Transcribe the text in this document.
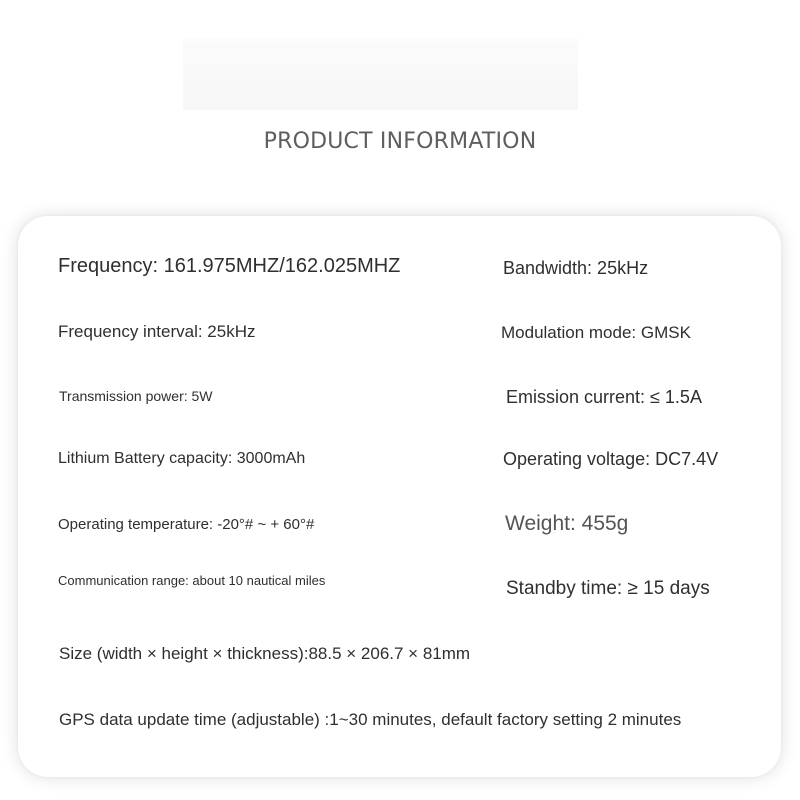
PRODUCT INFORMATION
Frequency: 161.975MHZ/162.025MHZ	Bandwidth: 25kHz
Frequency interval: 25kHz	Modulation mode: GMSK
Transmission power: 5W	Emission current: ≤ 1.5A
Lithium Battery capacity: 3000mAh	Operating voltage: DC7.4V
Operating temperature: -20°# ~ + 60°#	Weight: 455g
Communication range: about 10 nautical miles	Standby time: ≥ 15 days
Size (width × height × thickness):88.5 × 206.7 × 81mm
GPS data update time (adjustable) :1~30 minutes, default factory setting 2 minutes
